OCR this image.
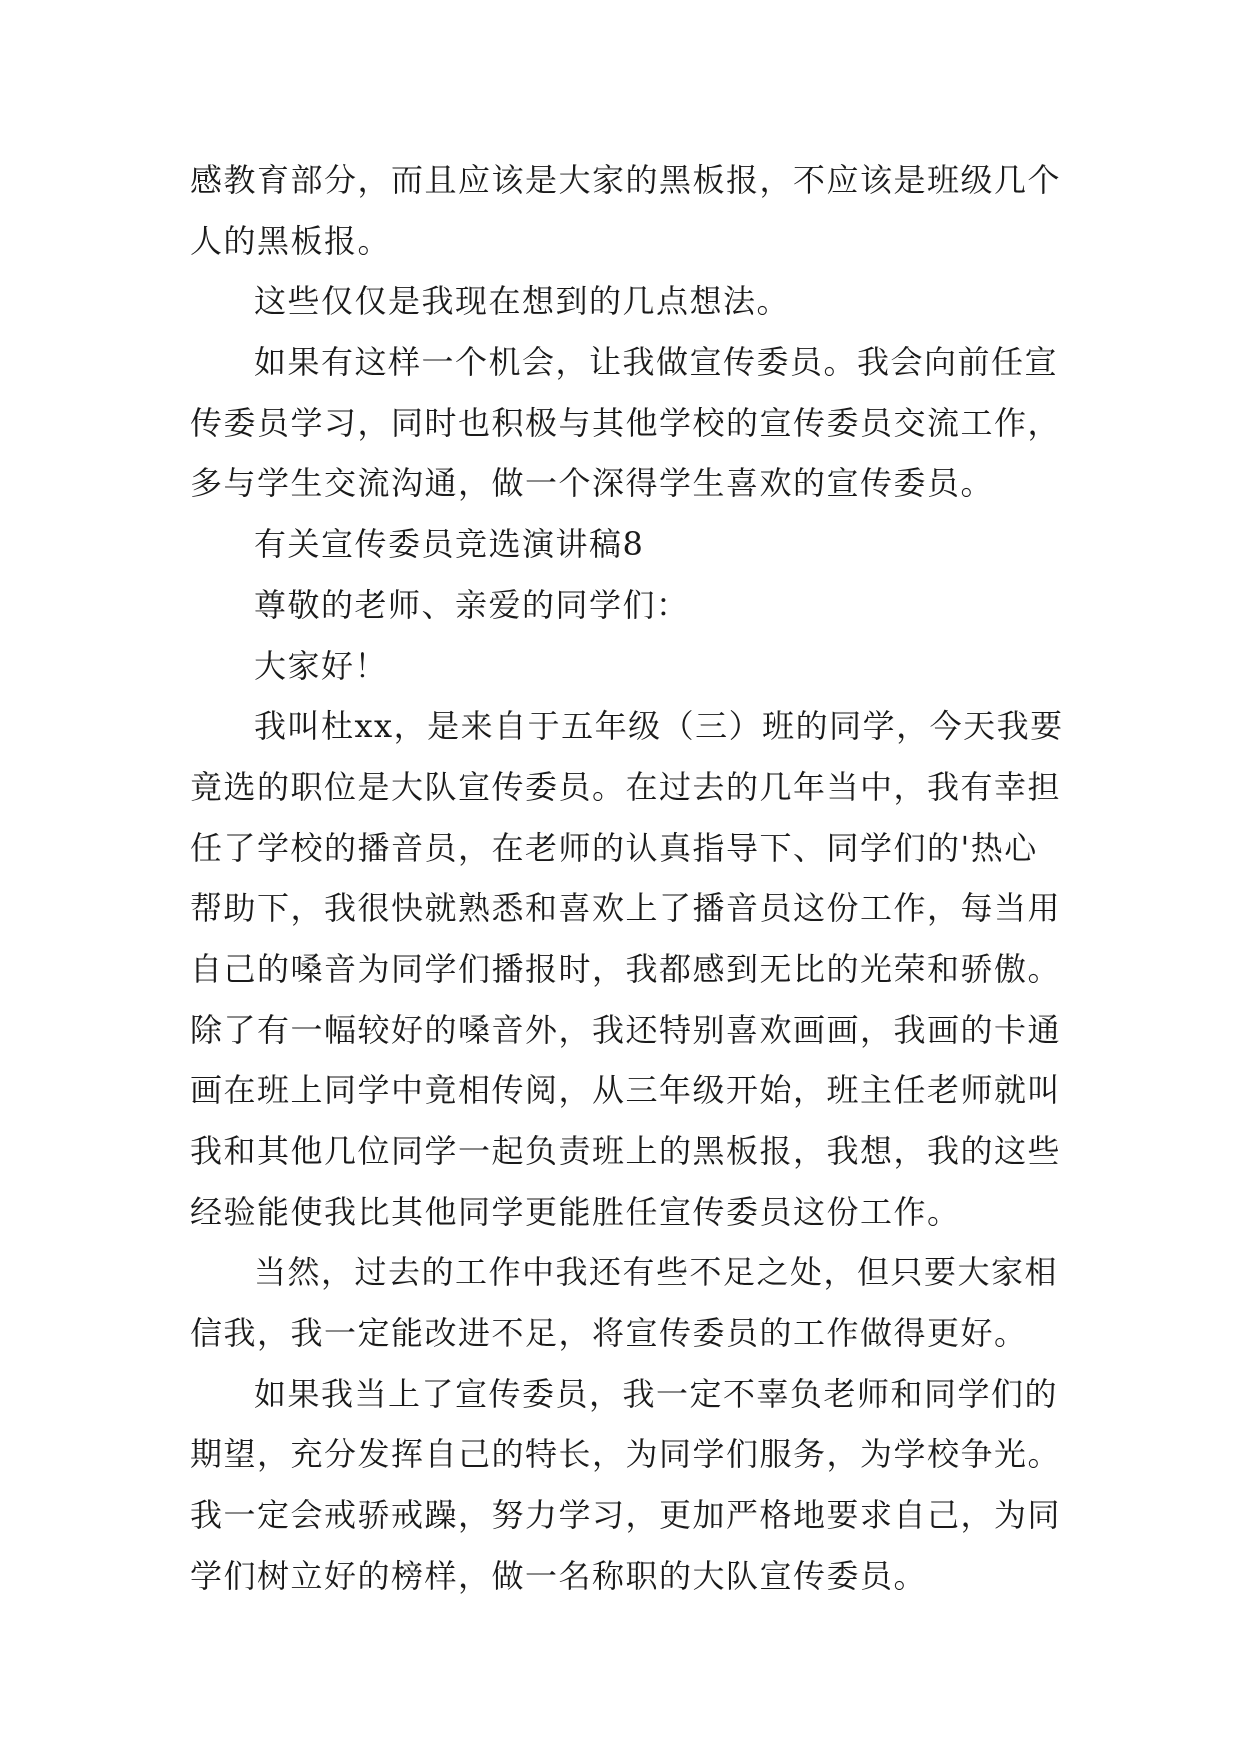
感教育部分，而且应该是大家的黑板报，不应该是班级几个
人的黑板报。
这些仅仅是我现在想到的几点想法。
如果有这样一个机会，让我做宣传委员。我会向前任宣
传委员学习，同时也积极与其他学校的宣传委员交流工作，
多与学生交流沟通，做一个深得学生喜欢的宣传委员。
有关宣传委员竞选演讲稿8
尊敬的老师、亲爱的同学们：
大家好！
我叫杜xx，是来自于五年级（三）班的同学，今天我要
竟选的职位是大队宣传委员。在过去的几年当中，我有幸担
任了学校的播音员，在老师的认真指导下、同学们的'热心
帮助下，我很快就熟悉和喜欢上了播音员这份工作，每当用
自己的嗓音为同学们播报时，我都感到无比的光荣和骄傲。
除了有一幅较好的嗓音外，我还特别喜欢画画，我画的卡通
画在班上同学中竟相传阅，从三年级开始，班主任老师就叫
我和其他几位同学一起负责班上的黑板报，我想，我的这些
经验能使我比其他同学更能胜任宣传委员这份工作。
当然，过去的工作中我还有些不足之处，但只要大家相
信我，我一定能改进不足，将宣传委员的工作做得更好。
如果我当上了宣传委员，我一定不辜负老师和同学们的
期望，充分发挥自己的特长，为同学们服务，为学校争光。
我一定会戒骄戒躁，努力学习，更加严格地要求自己，为同
学们树立好的榜样，做一名称职的大队宣传委员。
